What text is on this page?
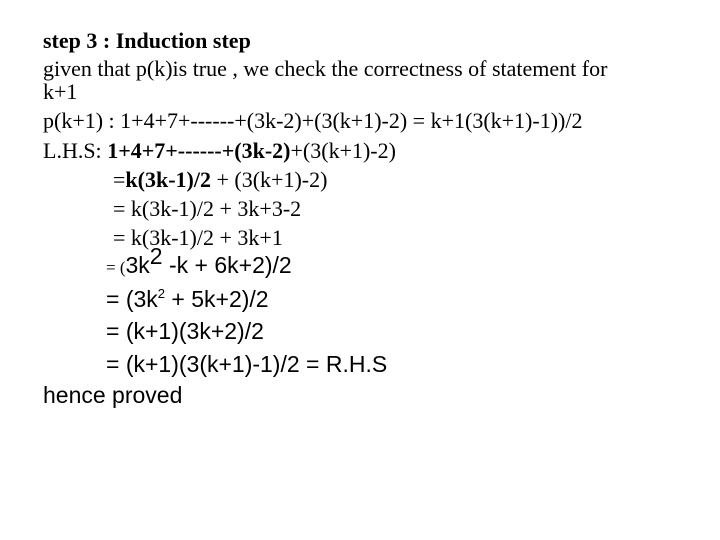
step 3 : Induction step
given that p(k)is true , we check the correctness of statement for
k+1
p(k+1) : 1+4+7+------+(3k-2)+(3(k+1)-2) = k+1(3(k+1)-1))/2
L.H.S: 1+4+7+------+(3k-2)+(3(k+1)-2)
=k(3k-1)/2 + (3(k+1)-2)
= k(3k-1)/2 + 3k+3-2
= k(3k-1)/2 + 3k+1
= ($3k^2$ -k + 6k+2)/2
= $(3k^2 + 5k+2)/2$
= (k+1)(3k+2)/2
= (k+1)(3(k+1)-1)/2 = R.H.S
hence proved
